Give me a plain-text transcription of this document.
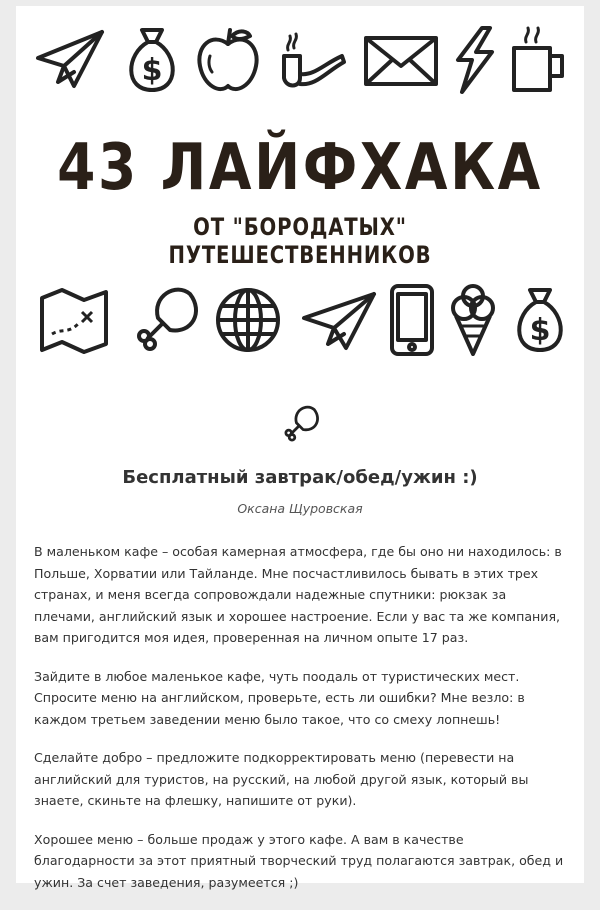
$
43 ЛАЙФХАКА
ОТ "БОРОДАТЫХ" ПУТЕШЕСТВЕННИКОВ
$
Бесплатный завтрак/обед/ужин :)
Оксана Щуровская

В маленьком кафе – особая камерная атмосфера, где бы оно ни находилось: в Польше, Хорватии или Тайланде. Мне посчастливилось бывать в этих трех странах, и меня всегда сопровождали надежные спутники: рюкзак за плечами, английский язык и хорошее настроение. Если у вас та же компания, вам пригодится моя идея, проверенная на личном опыте 17 раз.

Зайдите в любое маленькое кафе, чуть поодаль от туристических мест. Спросите меню на английском, проверьте, есть ли ошибки? Мне везло: в каждом третьем заведении меню было такое, что со смеху лопнешь!

Сделайте добро – предложите подкорректировать меню (перевести на английский для туристов, на русский, на любой другой язык, который вы знаете, скиньте на флешку, напишите от руки).

Хорошее меню – больше продаж у этого кафе. А вам в качестве благодарности за этот приятный творческий труд полагаются завтрак, обед и ужин. За счет заведения, разумеется ;)
